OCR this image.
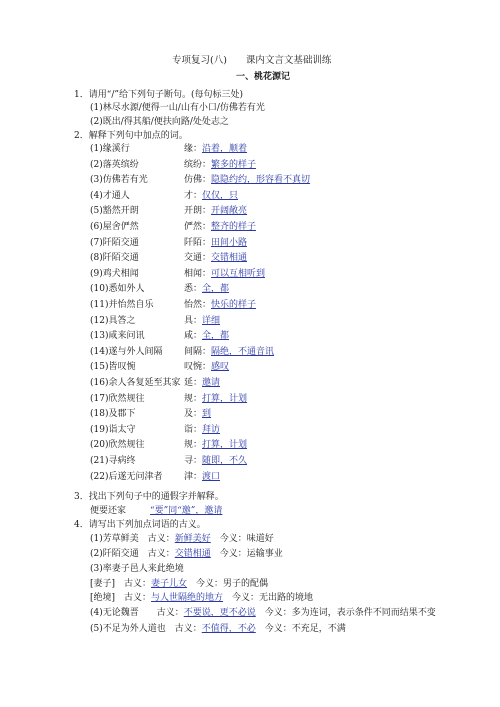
专项复习(八)　　课内文言文基础训练
一、桃花源记
1．请用“/”给下列句子断句。(每句标三处)
(1)林尽水源/便得一山/山有小口/仿佛若有光
(2)既出/得其船/便扶向路/处处志之
2．解释下列句中加点的词。
(1)缘溪行	缘：沿着，顺着
(2)落英缤纷	缤纷：繁多的样子
(3)仿佛若有光	仿佛：隐隐约约，形容看不真切
(4)才通人	才：仅仅，只
(5)豁然开朗	开朗：开阔敞亮
(6)屋舍俨然	俨然：整齐的样子
(7)阡陌交通	阡陌：田间小路
(8)阡陌交通	交通：交错相通
(9)鸡犬相闻	相闻：可以互相听到
(10)悉如外人	悉：全，都
(11)并怡然自乐	怡然：快乐的样子
(12)具答之	具：详细
(13)咸来问讯	咸：全，都
(14)遂与外人间隔 间隔：隔绝，不通音讯
(15)皆叹惋	叹惋：感叹
(16)余人各复延至其家 延：邀请
(17)欣然规往	规：打算，计划
(18)及郡下	及：到
(19)诣太守	诣：拜访
(20)欣然规往	规：打算，计划
(21)寻病终	寻：随即，不久
(22)后遂无问津者 津：渡口
3．找出下列句子中的通假字并解释。
便要还家	“要”同“邀”，邀请
4．请写出下列加点词语的古义。
(1)芳草鲜美　古义：新鲜美好　今义：味道好
(2)阡陌交通　古义：交错相通　今义：运输事业
(3)率妻子邑人来此绝境
[妻子]　古义：妻子儿女　今义：男子的配偶
[绝境]　古义：与人世隔绝的地方　今义：无出路的境地
(4)无论魏晋　　古义：不要说，更不必说　今义：多为连词，表示条件不同而结果不变
(5)不足为外人道也　古义：不值得，不必　今义：不充足，不满
